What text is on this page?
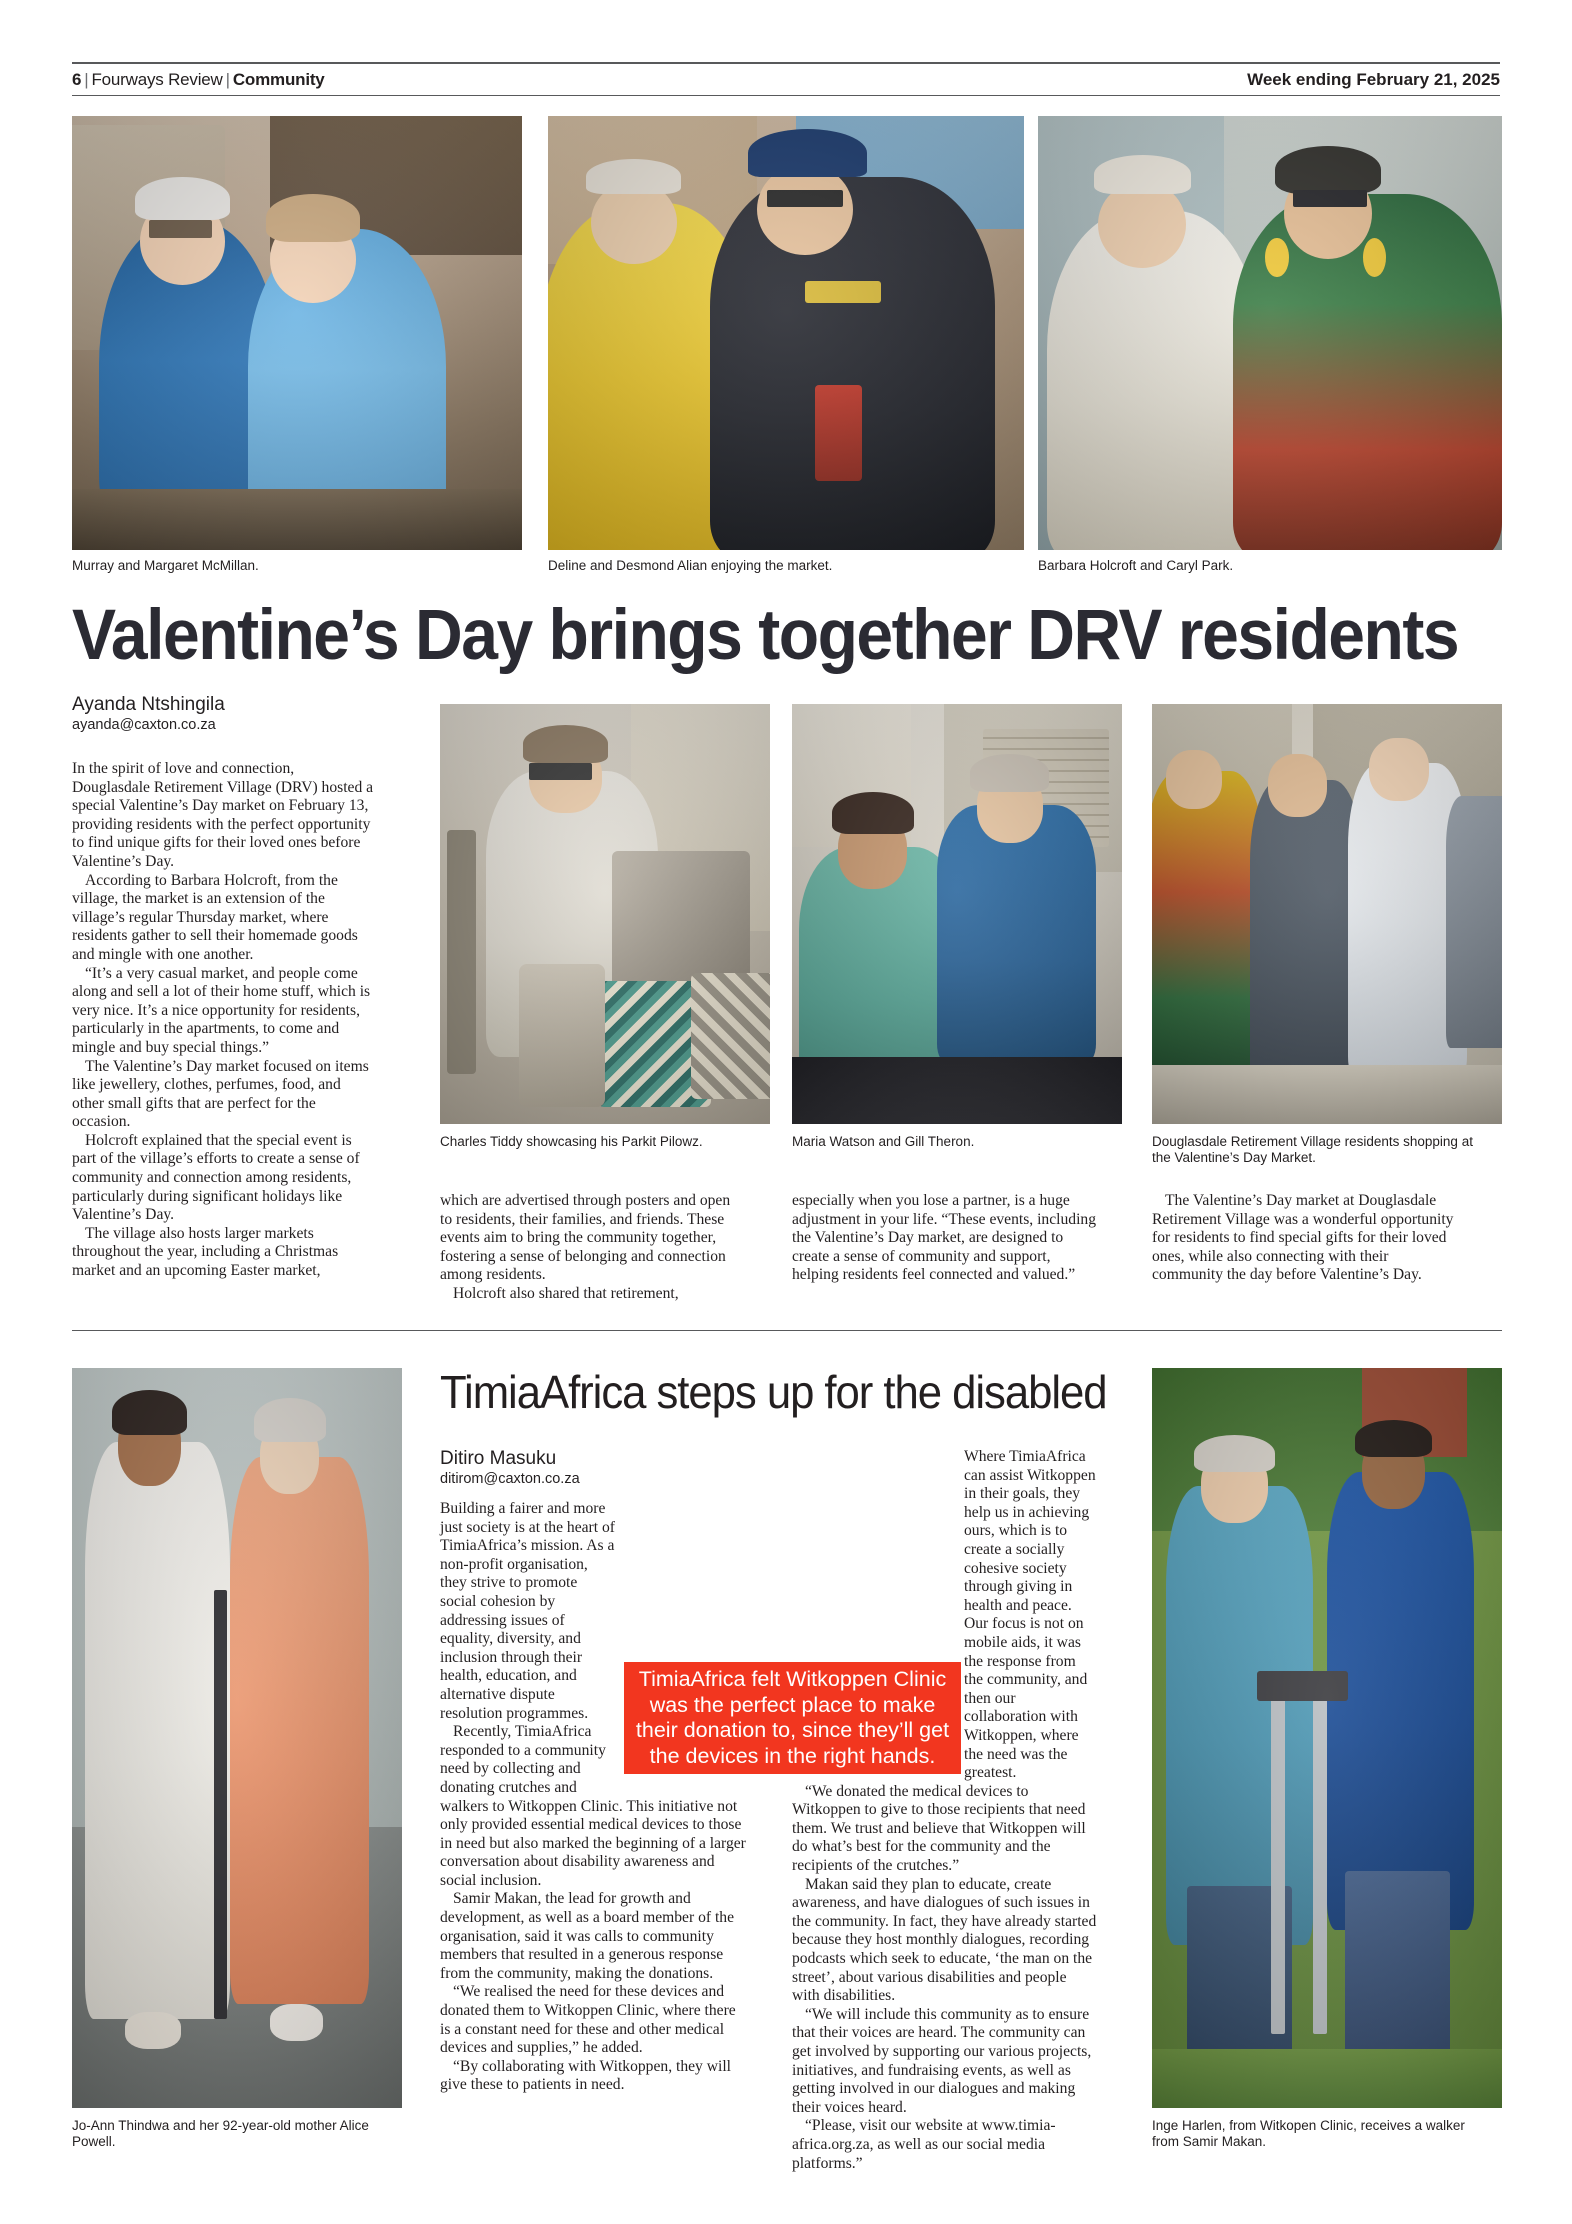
6 | Fourways Review | Community	Week ending February 21, 2025
Murray and Margaret McMillan.	Deline and Desmond Alian enjoying the market.	Barbara Holcroft and Caryl Park.
Valentine’s Day brings together DRV residents
Ayanda Ntshingila
ayanda@caxton.co.za

In the spirit of love and connection, Douglasdale Retirement Village (DRV) hosted a special Valentine’s Day market on February 13, providing residents with the perfect opportunity to find unique gifts for their loved ones before Valentine’s Day.

According to Barbara Holcroft, from the village, the market is an extension of the village’s regular Thursday market, where residents gather to sell their homemade goods and mingle with one another.

“It’s a very casual market, and people come along and sell a lot of their home stuff, which is very nice. It’s a nice opportunity for residents, particularly in the apartments, to come and mingle and buy special things.”

The Valentine’s Day market focused on items like jewellery, clothes, perfumes, food, and other small gifts that are perfect for the occasion.

Holcroft explained that the special event is part of the village’s efforts to create a sense of community and connection among residents, particularly during significant holidays like Valentine’s Day.

The village also hosts larger markets throughout the year, including a Christmas market and an upcoming Easter market,

Charles Tiddy showcasing his Parkit Pilowz.	Maria Watson and Gill Theron.	Douglasdale Retirement Village residents shopping at the Valentine’s Day Market.

which are advertised through posters and open to residents, their families, and friends. These events aim to bring the community together, fostering a sense of belonging and connection among residents.

Holcroft also shared that retirement,

especially when you lose a partner, is a huge adjustment in your life. “These events, including the Valentine’s Day market, are designed to create a sense of community and support, helping residents feel connected and valued.”

The Valentine’s Day market at Douglasdale Retirement Village was a wonderful opportunity for residents to find special gifts for their loved ones, while also connecting with their community the day before Valentine’s Day.

Jo-Ann Thindwa and her 92-year-old mother Alice Powell.
TimiaAfrica steps up for the disabled
Ditiro Masuku
ditirom@caxton.co.za
TimiaAfrica felt Witkoppen Clinic was the perfect place to make their donation to, since they’ll get the devices in the right hands.

Building a fairer and more just society is at the heart of TimiaAfrica’s mission. As a non-profit organisation, they strive to promote social cohesion by addressing issues of equality, diversity, and inclusion through their health, education, and alternative dispute resolution programmes.

Recently, TimiaAfrica responded to a community need by collecting and donating crutches and walkers to Witkoppen Clinic. This initiative not only provided essential medical devices to those in need but also marked the beginning of a larger conversation about disability awareness and social inclusion.

Samir Makan, the lead for growth and development, as well as a board member of the organisation, said it was calls to community members that resulted in a generous response from the community, making the donations.

“We realised the need for these devices and donated them to Witkoppen Clinic, where there is a constant need for these and other medical devices and supplies,” he added.

“By collaborating with Witkoppen, they will give these to patients in need.

Where TimiaAfrica can assist Witkoppen in their goals, they help us in achieving ours, which is to create a socially cohesive society through giving in health and peace. Our focus is not on mobile aids, it was the response from the community, and then our collaboration with Witkoppen, where the need was the greatest.

“We donated the medical devices to Witkoppen to give to those recipients that need them. We trust and believe that Witkoppen will do what’s best for the community and the recipients of the crutches.”

Makan said they plan to educate, create awareness, and have dialogues of such issues in the community. In fact, they have already started because they host monthly dialogues, recording podcasts which seek to educate, ‘the man on the street’, about various disabilities and people with disabilities.

“We will include this community as to ensure that their voices are heard. The community can get involved by supporting our various projects, initiatives, and fundraising events, as well as getting involved in our dialogues and making their voices heard.

“Please, visit our website at www.timia-africa.org.za, as well as our social media platforms.”

Inge Harlen, from Witkopen Clinic, receives a walker from Samir Makan.
